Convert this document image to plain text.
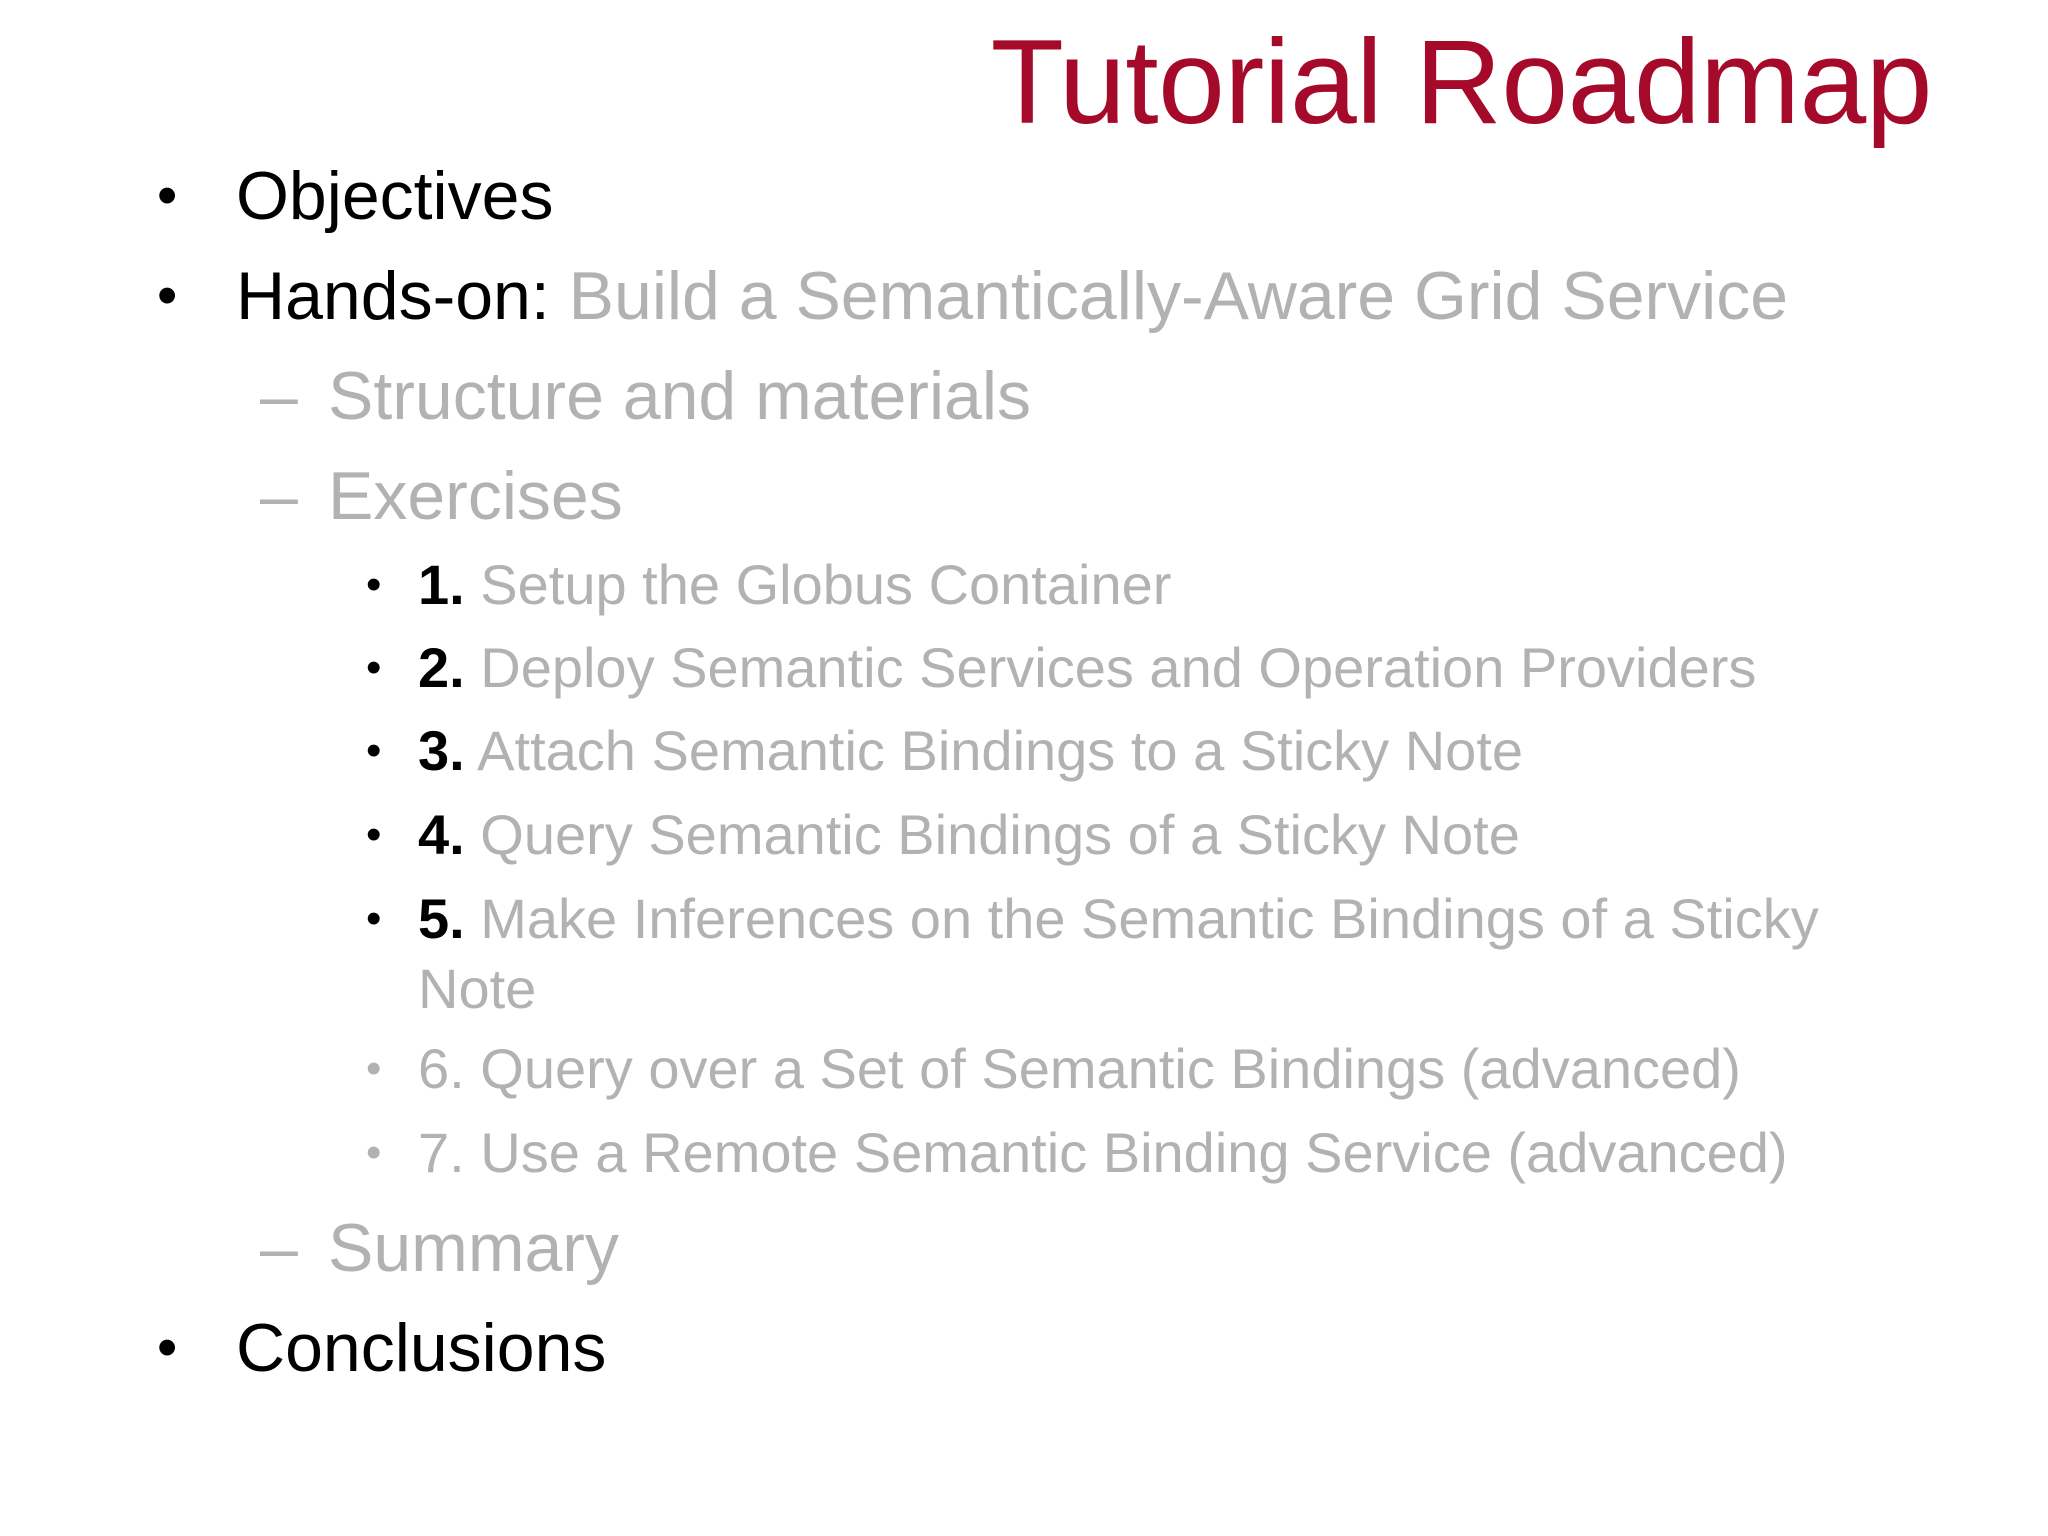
Tutorial Roadmap
• Objectives
• Hands-on: Build a Semantically-Aware Grid Service
– Structure and materials
– Exercises
• 1. Setup the Globus Container
• 2. Deploy Semantic Services and Operation Providers
• 3. Attach Semantic Bindings to a Sticky Note
• 4. Query Semantic Bindings of a Sticky Note
• 5. Make Inferences on the Semantic Bindings of a Sticky Note
• 6. Query over a Set of Semantic Bindings (advanced)
• 7. Use a Remote Semantic Binding Service (advanced)
– Summary
• Conclusions
